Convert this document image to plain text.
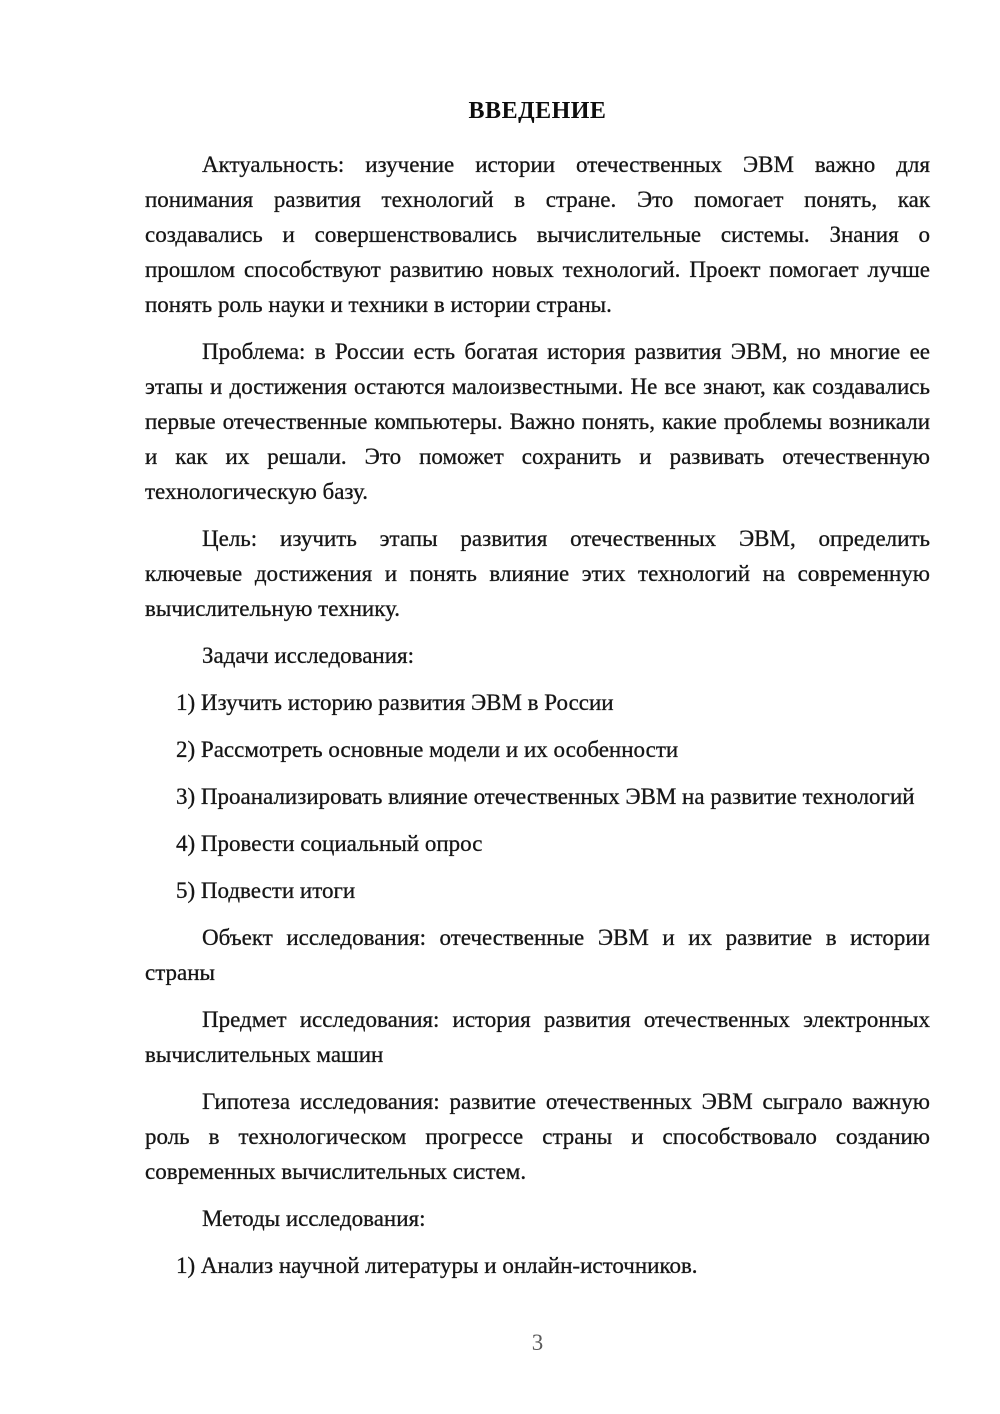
ВВЕДЕНИЕ

Актуальность: изучение истории отечественных ЭВМ важно для понимания развития технологий в стране. Это помогает понять, как создавались и совершенствовались вычислительные системы. Знания о прошлом способствуют развитию новых технологий. Проект помогает лучше понять роль науки и техники в истории страны.

Проблема: в России есть богатая история развития ЭВМ, но многие ее этапы и достижения остаются малоизвестными. Не все знают, как создавались первые отечественные компьютеры. Важно понять, какие проблемы возникали и как их решали. Это поможет сохранить и развивать отечественную технологическую базу.

Цель: изучить этапы развития отечественных ЭВМ, определить ключевые достижения и понять влияние этих технологий на современную вычислительную технику.

Задачи исследования:

1) Изучить историю развития ЭВМ в России

2) Рассмотреть основные модели и их особенности

3) Проанализировать влияние отечественных ЭВМ на развитие технологий

4) Провести социальный опрос

5) Подвести итоги

Объект исследования: отечественные ЭВМ и их развитие в истории страны

Предмет исследования: история развития отечественных электронных вычислительных машин

Гипотеза исследования: развитие отечественных ЭВМ сыграло важную роль в технологическом прогрессе страны и способствовало созданию современных вычислительных систем.

Методы исследования:

1) Анализ научной литературы и онлайн-источников.

3
